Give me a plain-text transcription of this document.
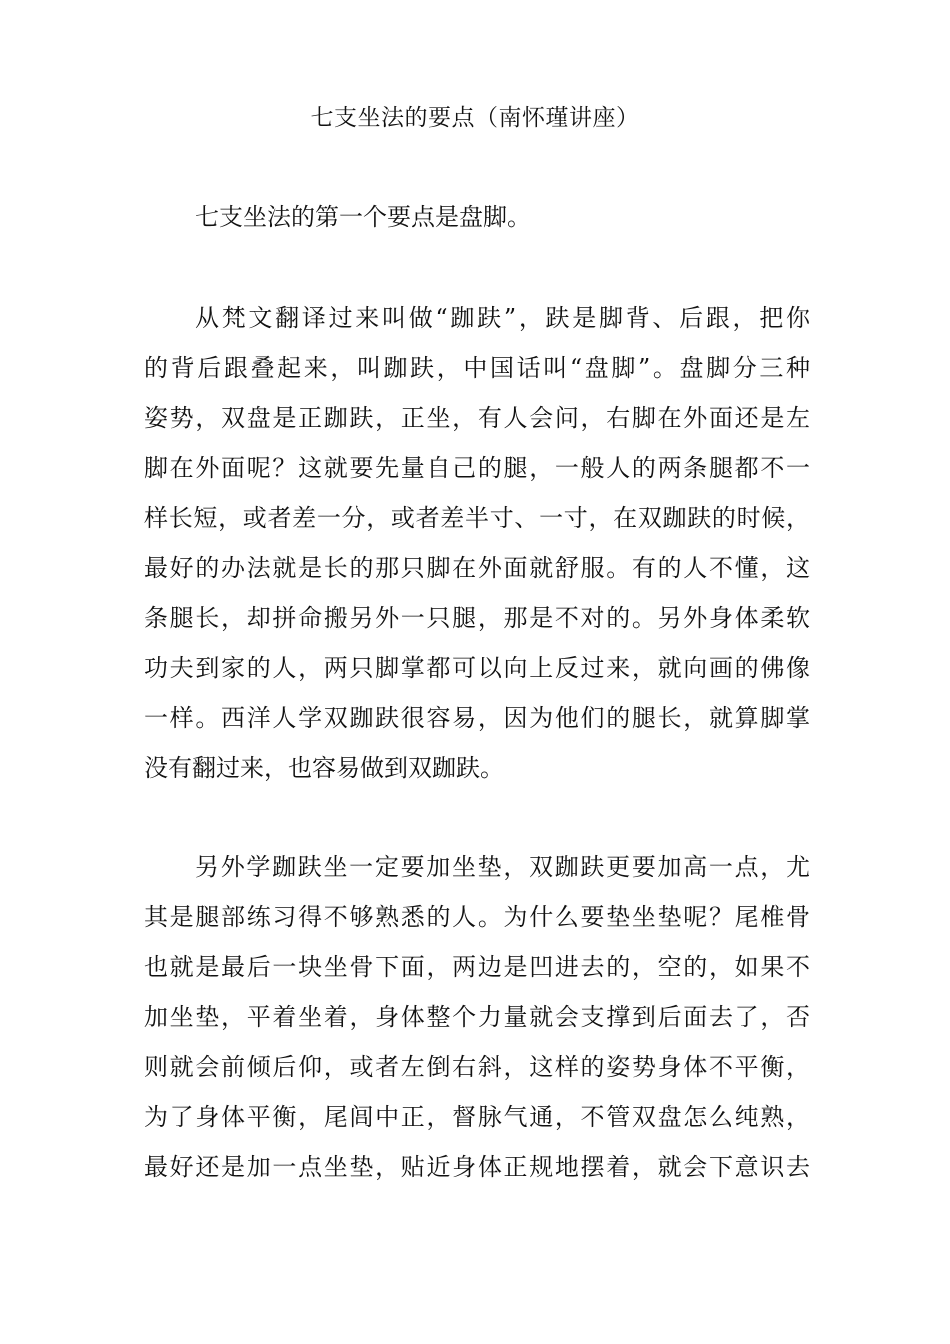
七支坐法的要点（南怀瑾讲座）
七支坐法的第一个要点是盘脚。
从梵文翻译过来叫做“跏趺”，趺是脚背、后跟，把你
的背后跟叠起来，叫跏趺，中国话叫“盘脚”。盘脚分三种
姿势，双盘是正跏趺，正坐，有人会问，右脚在外面还是左
脚在外面呢？这就要先量自己的腿，一般人的两条腿都不一
样长短，或者差一分，或者差半寸、一寸，在双跏趺的时候，
最好的办法就是长的那只脚在外面就舒服。有的人不懂，这
条腿长，却拼命搬另外一只腿，那是不对的。另外身体柔软
功夫到家的人，两只脚掌都可以向上反过来，就向画的佛像
一样。西洋人学双跏趺很容易，因为他们的腿长，就算脚掌
没有翻过来，也容易做到双跏趺。
另外学跏趺坐一定要加坐垫，双跏趺更要加高一点，尤
其是腿部练习得不够熟悉的人。为什么要垫坐垫呢？尾椎骨
也就是最后一块坐骨下面，两边是凹进去的，空的，如果不
加坐垫，平着坐着，身体整个力量就会支撑到后面去了，否
则就会前倾后仰，或者左倒右斜，这样的姿势身体不平衡，
为了身体平衡，尾闾中正，督脉气通，不管双盘怎么纯熟，
最好还是加一点坐垫，贴近身体正规地摆着，就会下意识去
